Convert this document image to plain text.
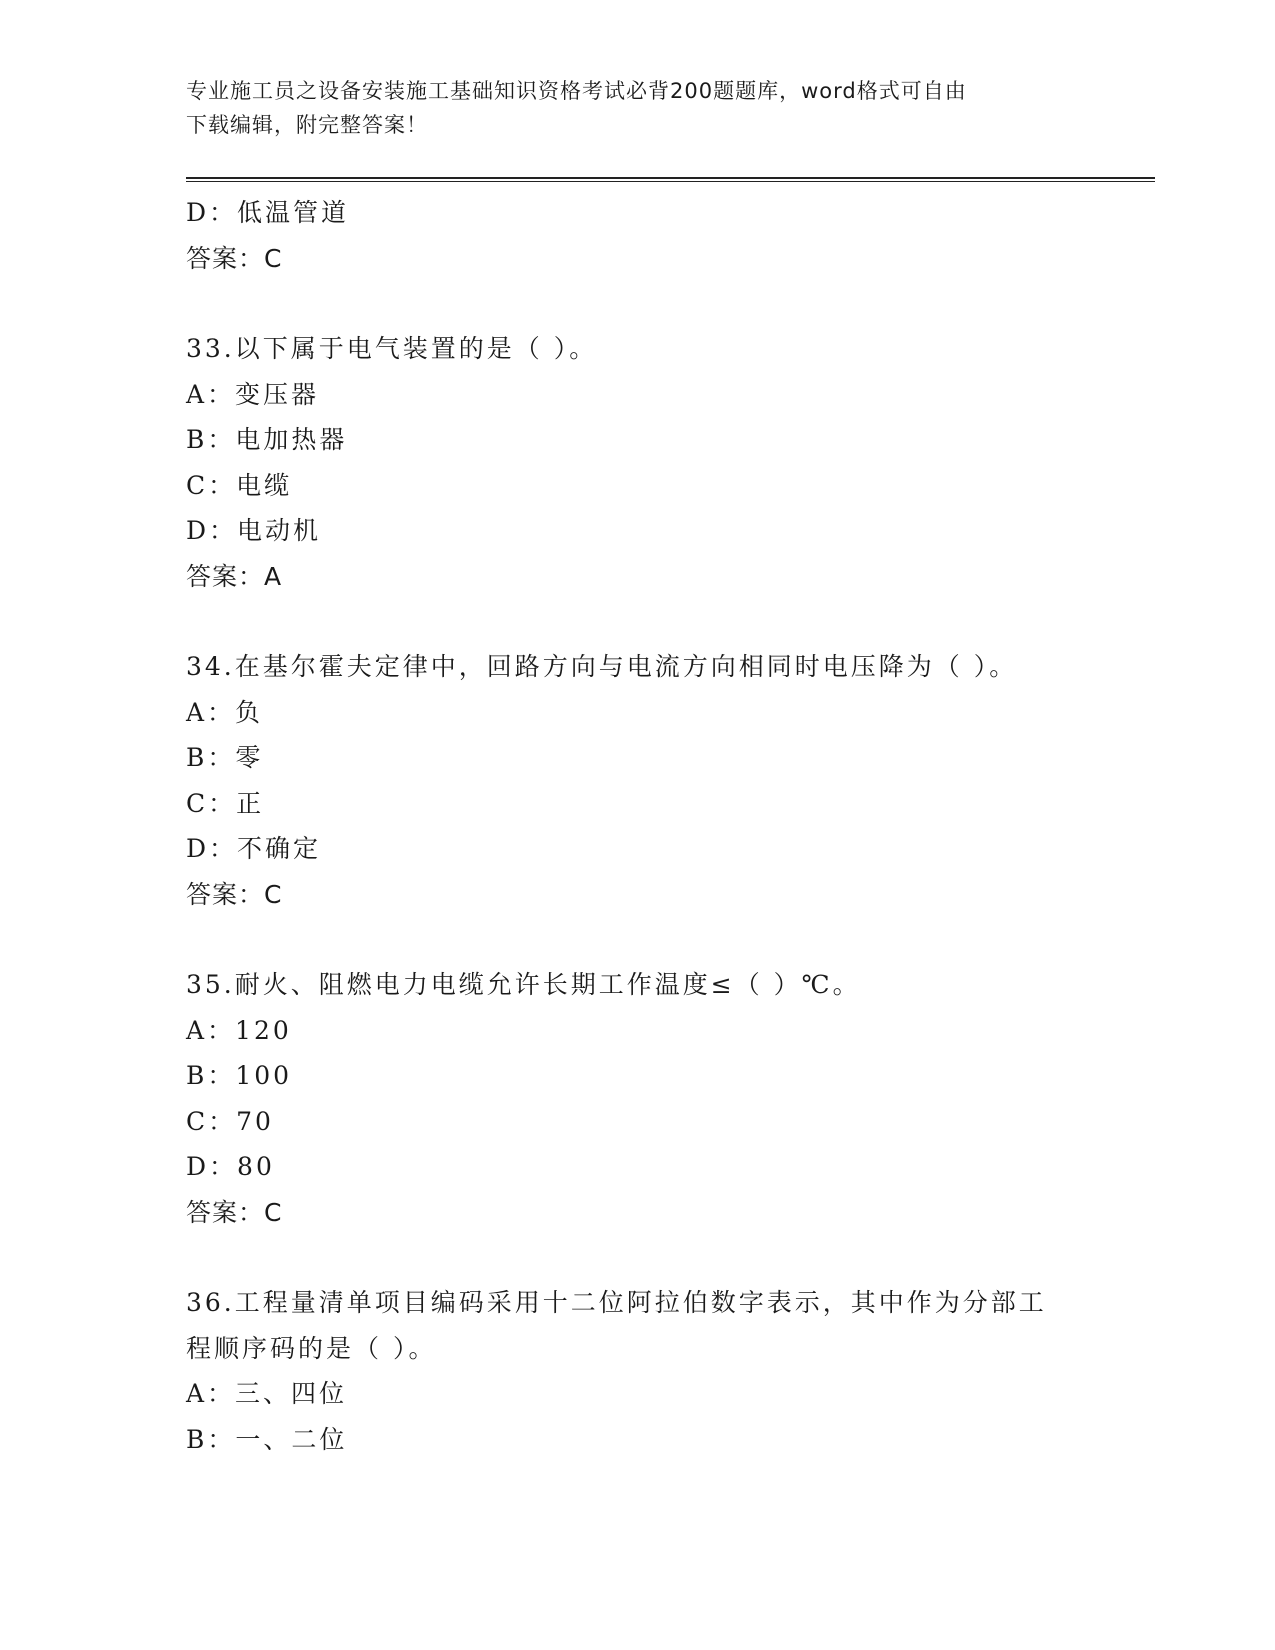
专业施工员之设备安装施工基础知识资格考试必背200题题库，word格式可自由
下载编辑，附完整答案！
D：低温管道
答案：C
33.以下属于电气装置的是（ ）。
A：变压器
B：电加热器
C：电缆
D：电动机
答案：A
34.在基尔霍夫定律中，回路方向与电流方向相同时电压降为（ ）。
A：负
B：零
C：正
D：不确定
答案：C
35.耐火、阻燃电力电缆允许长期工作温度≤（ ）℃。
A：120
B：100
C：70
D：80
答案：C
36.工程量清单项目编码采用十二位阿拉伯数字表示，其中作为分部工程顺序码的是（ ）。
A：三、四位
B：一、二位
